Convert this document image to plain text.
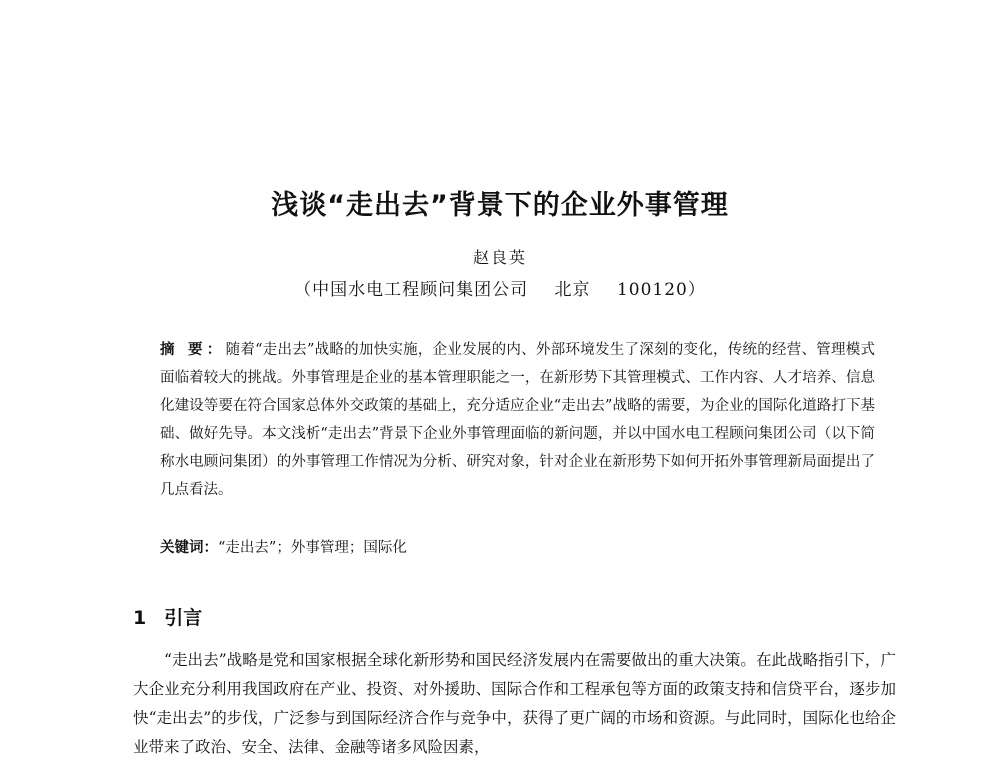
浅谈“走出去”背景下的企业外事管理
赵良英
（中国水电工程顾问集团公司 北京 100120）
摘 要：随着“走出去”战略的加快实施，企业发展的内、外部环境发生了深刻的变化，传统的经营、管理模式面临着较大的挑战。外事管理是企业的基本管理职能之一，在新形势下其管理模式、工作内容、人才培养、信息化建设等要在符合国家总体外交政策的基础上，充分适应企业“走出去”战略的需要，为企业的国际化道路打下基础、做好先导。本文浅析“走出去”背景下企业外事管理面临的新问题，并以中国水电工程顾问集团公司（以下简称水电顾问集团）的外事管理工作情况为分析、研究对象，针对企业在新形势下如何开拓外事管理新局面提出了几点看法。
关键词：“走出去”；外事管理；国际化
1 引言
“走出去”战略是党和国家根据全球化新形势和国民经济发展内在需要做出的重大决策。在此战略指引下，广大企业充分利用我国政府在产业、投资、对外援助、国际合作和工程承包等方面的政策支持和信贷平台，逐步加快“走出去”的步伐，广泛参与到国际经济合作与竞争中，获得了更广阔的市场和资源。与此同时，国际化也给企业带来了政治、安全、法律、金融等诸多风险因素，
